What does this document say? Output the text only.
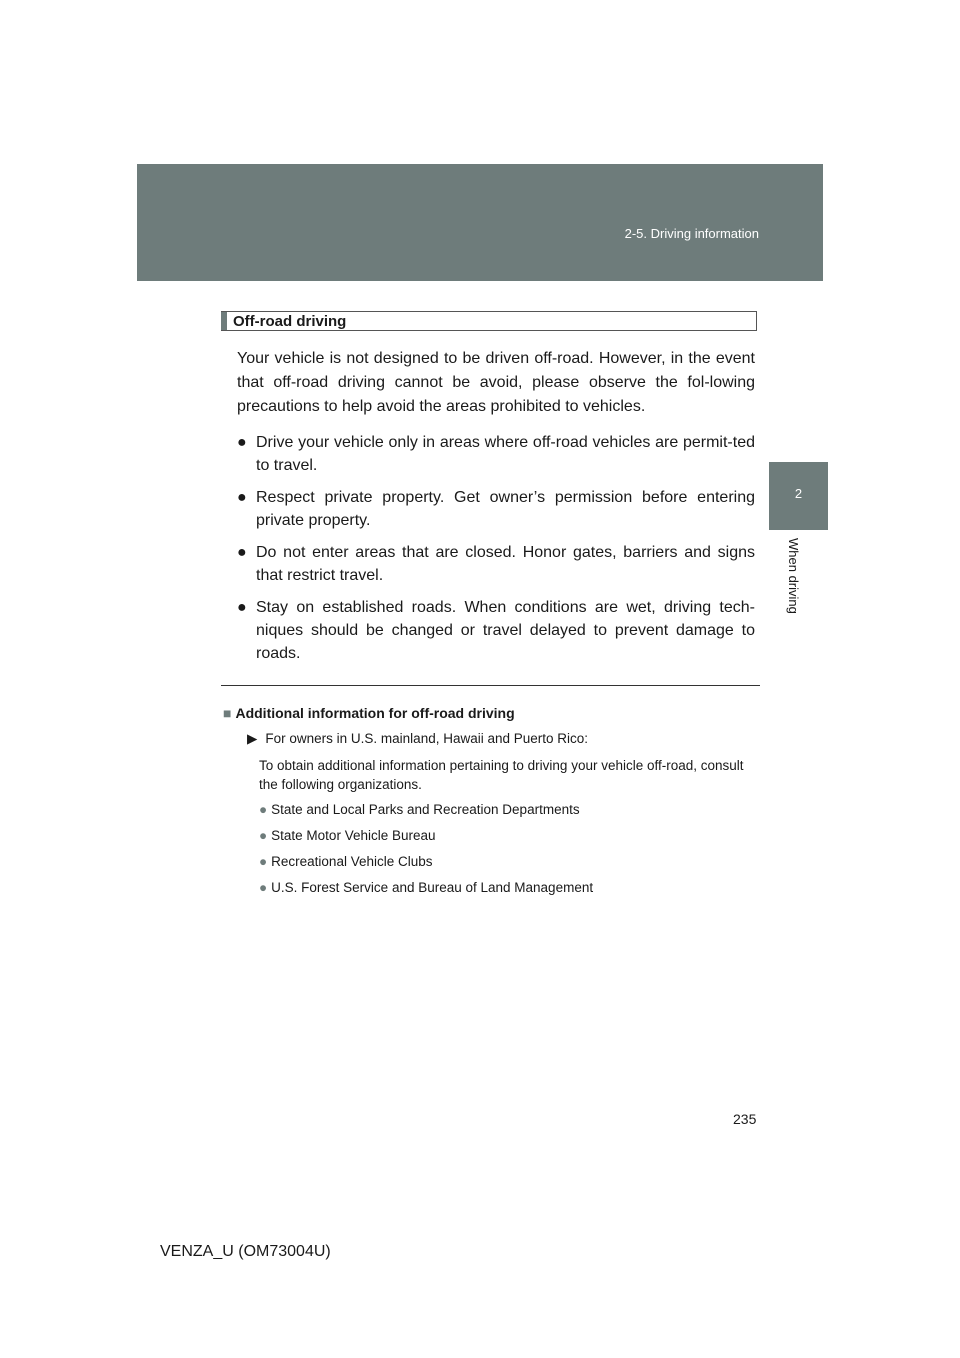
2-5. Driving information
2
When driving
Off-road driving

Your vehicle is not designed to be driven off-road. However, in the event that off-road driving cannot be avoid, please observe the fol-lowing precautions to help avoid the areas prohibited to vehicles.

● Drive your vehicle only in areas where off-road vehicles are permit-ted to travel.
● Respect private property. Get owner’s permission before entering private property.
● Do not enter areas that are closed. Honor gates, barriers and signs that restrict travel.
● Stay on established roads. When conditions are wet, driving tech-niques should be changed or travel delayed to prevent damage to roads.
■ Additional information for off-road driving
▶ For owners in U.S. mainland, Hawaii and Puerto Rico:
To obtain additional information pertaining to driving your vehicle off-road, consult the following organizations.
● State and Local Parks and Recreation Departments
● State Motor Vehicle Bureau
● Recreational Vehicle Clubs
● U.S. Forest Service and Bureau of Land Management
235
VENZA_U (OM73004U)
